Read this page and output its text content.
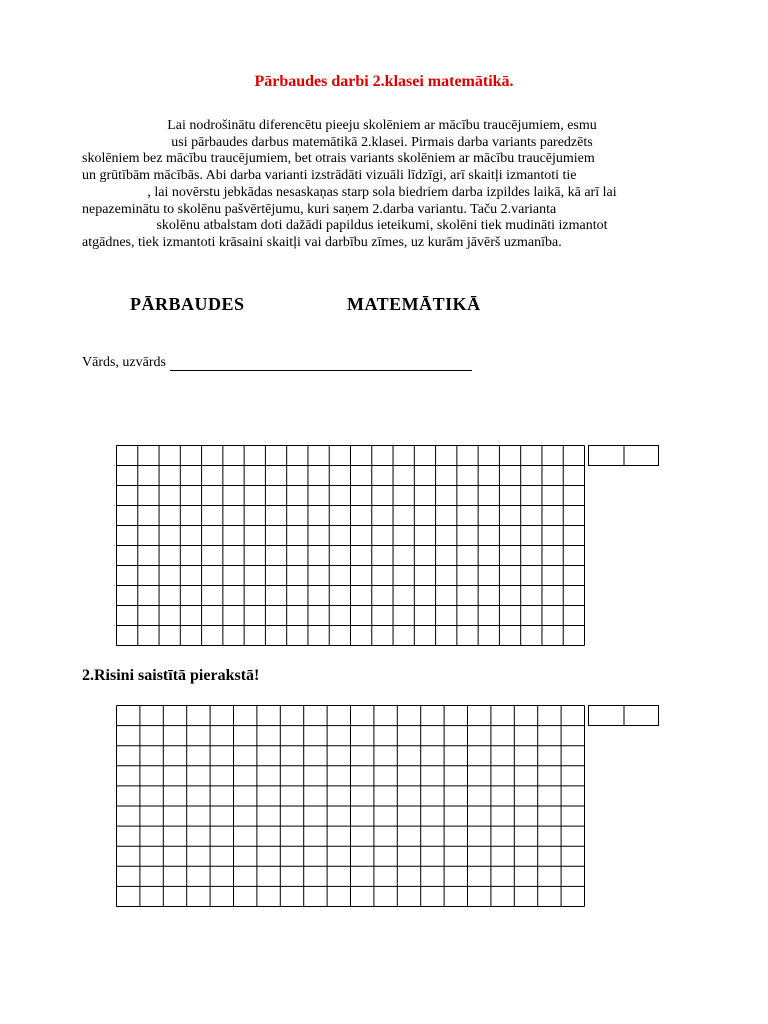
Pārbaudes darbi 2.klasei matemātikā.
Lai nodrošinātu diferencētu pieeju skolēniem ar mācību traucējumiem, esmu
usi pārbaudes darbus matemātikā 2.klasei. Pirmais darba variants paredzēts
skolēniem bez mācību traucējumiem, bet otrais variants skolēniem ar mācību traucējumiem
un grūtībām mācībās. Abi darba varianti izstrādāti vizuāli līdzīgi, arī skaitļi izmantoti tie
, lai novērstu jebkādas nesaskaņas starp sola biedriem darba izpildes laikā, kā arī lai
nepazeminātu to skolēnu pašvērtējumu, kuri saņem 2.darba variantu. Taču 2.varianta
skolēnu atbalstam doti dažādi papildus ieteikumi, skolēni tiek mudināti izmantot
atgādnes, tiek izmantoti krāsaini skaitļi vai darbību zīmes, uz kurām jāvērš uzmanība.
PĀRBAUDES	MATEMĀTIKĀ
Vārds, uzvārds
2.Risini saistītā pierakstā!
